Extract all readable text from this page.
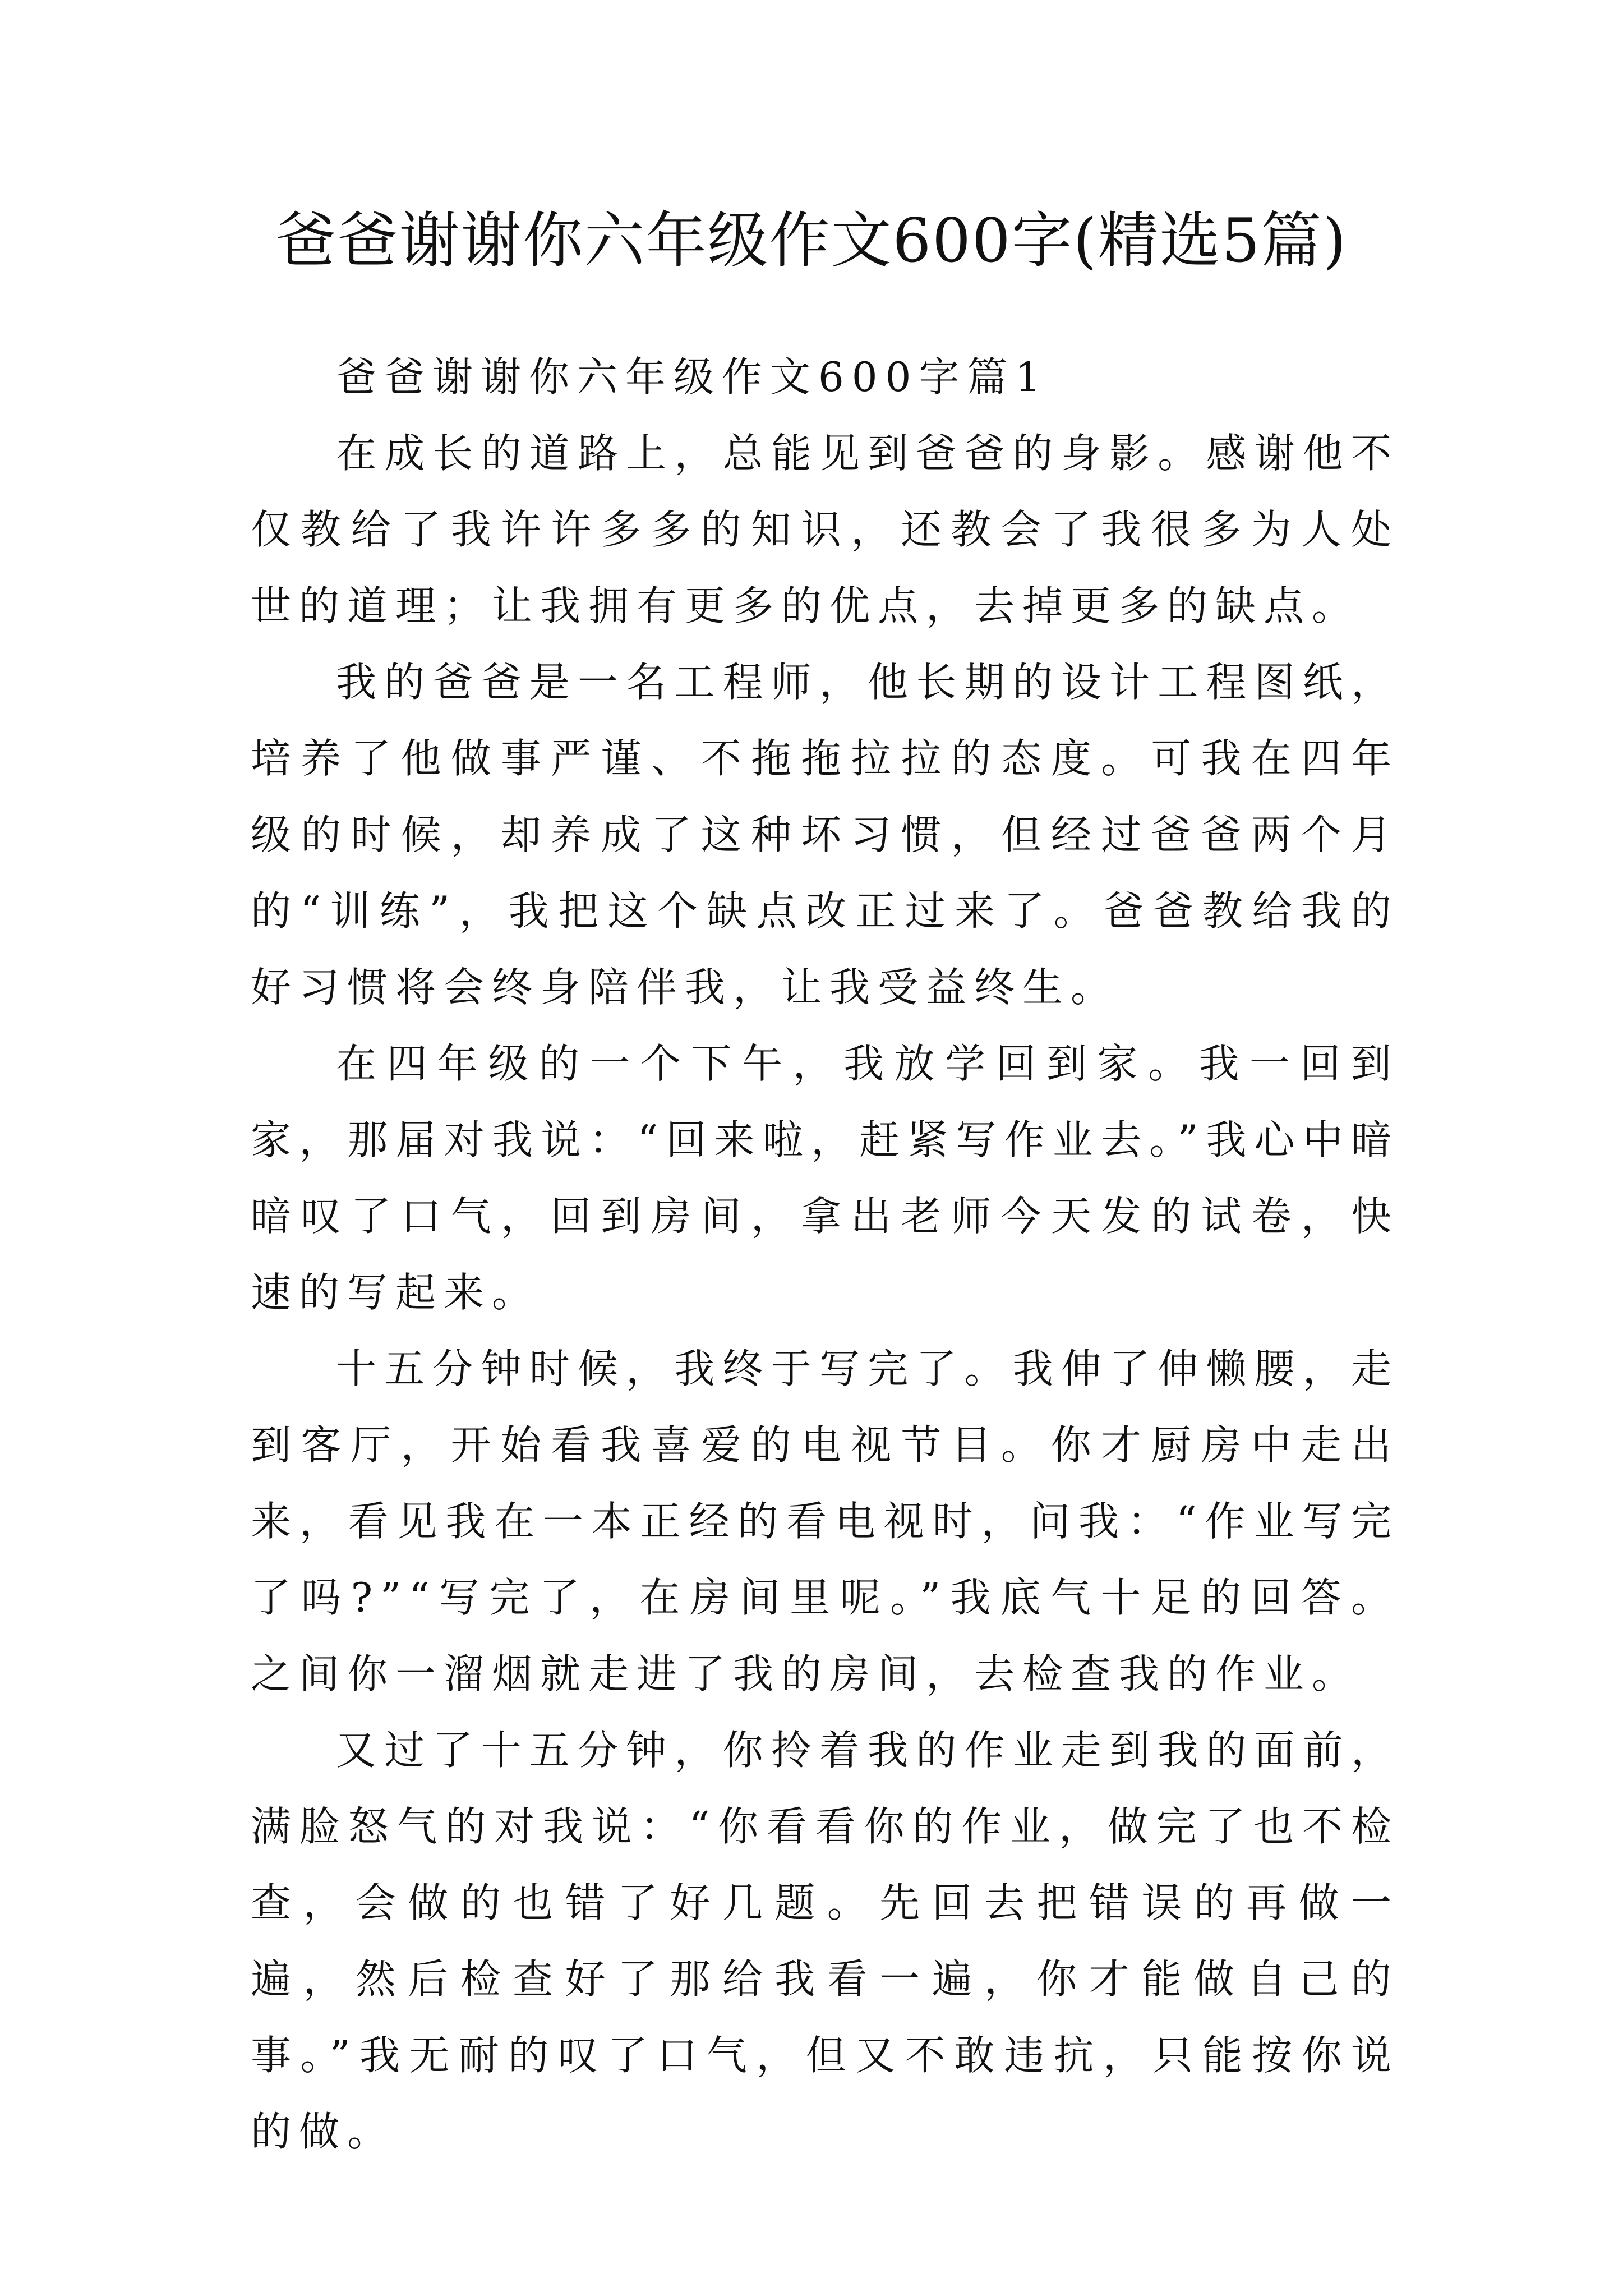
爸爸谢谢你六年级作文600字(精选5篇)

爸爸谢谢你六年级作文600字篇1

在成长的道路上，总能见到爸爸的身影。感谢他不仅教给了我许许多多的知识，还教会了我很多为人处世的道理；让我拥有更多的优点，去掉更多的缺点。

我的爸爸是一名工程师，他长期的设计工程图纸，培养了他做事严谨、不拖拖拉拉的态度。可我在四年级的时候，却养成了这种坏习惯，但经过爸爸两个月的“训练”，我把这个缺点改正过来了。爸爸教给我的好习惯将会终身陪伴我，让我受益终生。

在四年级的一个下午，我放学回到家。我一回到家，那届对我说：“回来啦，赶紧写作业去。”我心中暗暗叹了口气，回到房间，拿出老师今天发的试卷，快速的写起来。

十五分钟时候，我终于写完了。我伸了伸懒腰，走到客厅，开始看我喜爱的电视节目。你才厨房中走出来，看见我在一本正经的看电视时，问我：“作业写完了吗?”“写完了，在房间里呢。”我底气十足的回答。之间你一溜烟就走进了我的房间，去检查我的作业。

又过了十五分钟，你拎着我的作业走到我的面前，满脸怒气的对我说：“你看看你的作业，做完了也不检查，会做的也错了好几题。先回去把错误的再做一遍，然后检查好了那给我看一遍，你才能做自己的事。”我无耐的叹了口气，但又不敢违抗，只能按你说的做。
